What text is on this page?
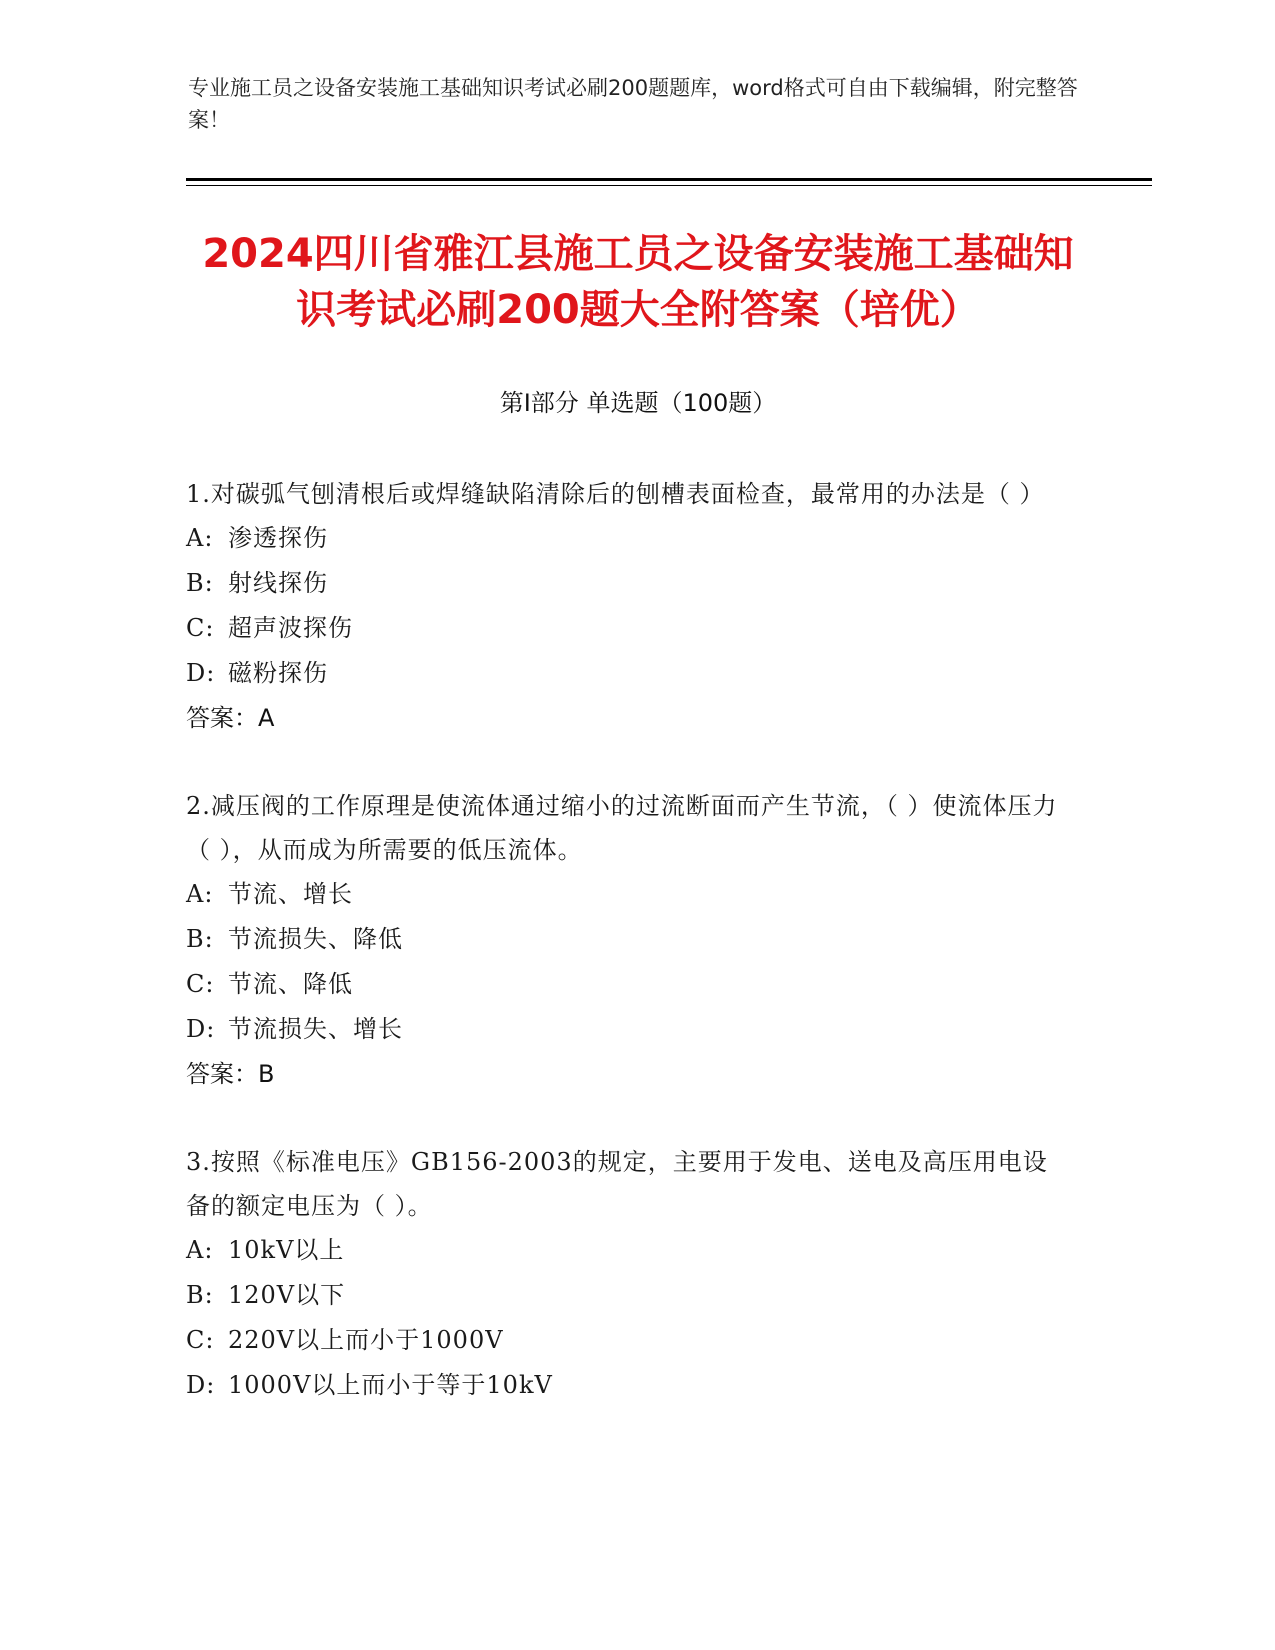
专业施工员之设备安装施工基础知识考试必刷200题题库，word格式可自由下载编辑，附完整答案！
2024四川省雅江县施工员之设备安装施工基础知识考试必刷200题大全附答案（培优）
第I部分 单选题（100题）
1.对碳弧气刨清根后或焊缝缺陷清除后的刨槽表面检查，最常用的办法是（ ）
A: 渗透探伤
B: 射线探伤
C: 超声波探伤
D: 磁粉探伤
答案：A
2.减压阀的工作原理是使流体通过缩小的过流断面而产生节流，（ ）使流体压力（ ），从而成为所需要的低压流体。
A: 节流、增长
B: 节流损失、降低
C: 节流、降低
D: 节流损失、增长
答案：B
3.按照《标准电压》GB156-2003的规定，主要用于发电、送电及高压用电设备的额定电压为（ ）。
A: 10kV以上
B: 120V以下
C: 220V以上而小于1000V
D: 1000V以上而小于等于10kV
